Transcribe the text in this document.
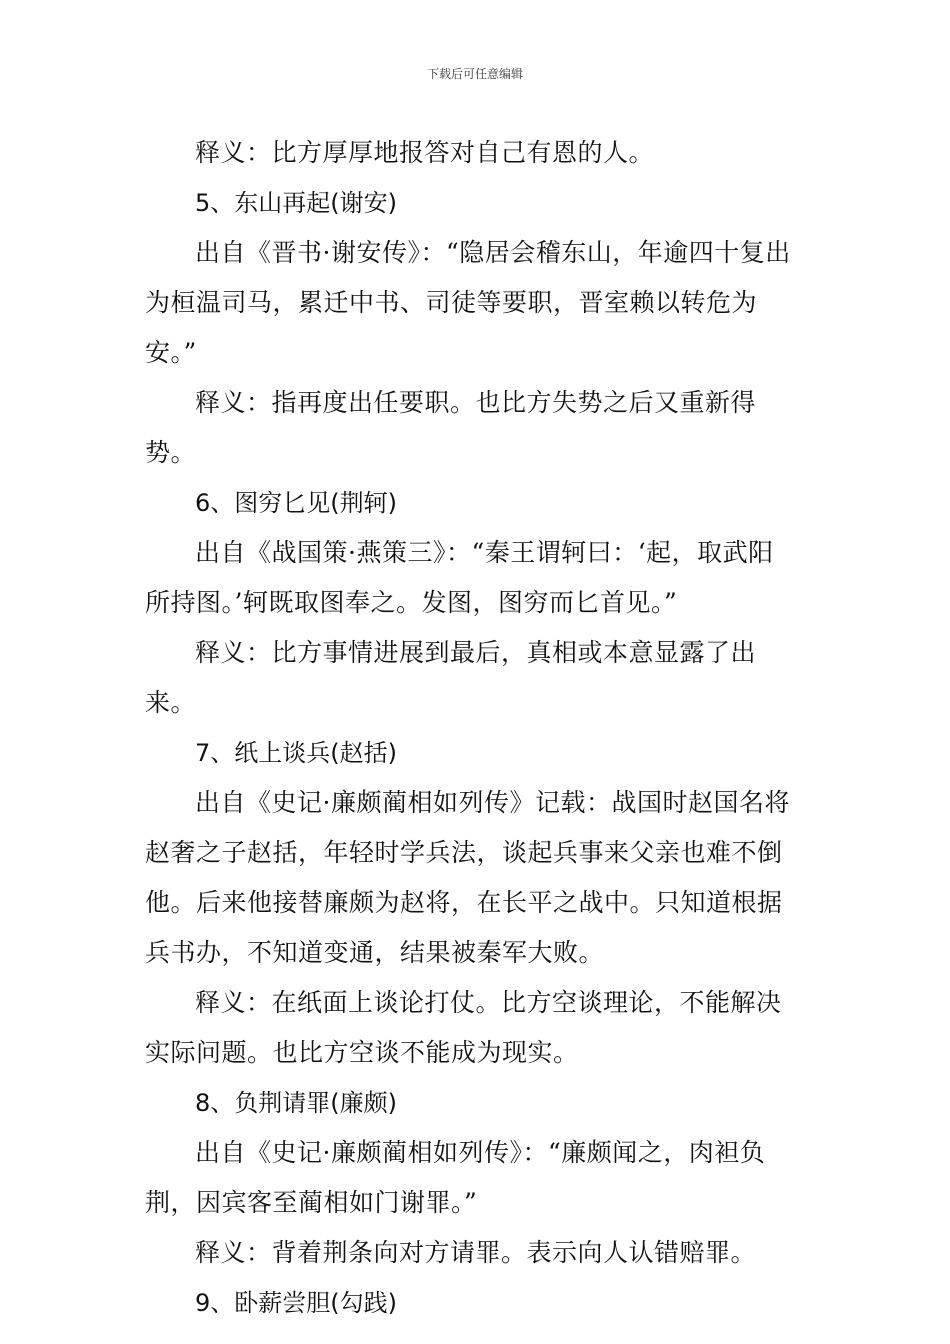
下载后可任意编辑

释义：比方厚厚地报答对自己有恩的人。

5、东山再起(谢安)

出自《晋书·谢安传》：“隐居会稽东山，年逾四十复出为桓温司马，累迁中书、司徒等要职，晋室赖以转危为安。”

释义：指再度出任要职。也比方失势之后又重新得势。

6、图穷匕见(荆轲)

出自《战国策·燕策三》：“秦王谓轲曰：‘起，取武阳所持图。’轲既取图奉之。发图，图穷而匕首见。”

释义：比方事情进展到最后，真相或本意显露了出来。

7、纸上谈兵(赵括)

出自《史记·廉颇蔺相如列传》记载：战国时赵国名将赵奢之子赵括，年轻时学兵法，谈起兵事来父亲也难不倒他。后来他接替廉颇为赵将，在长平之战中。只知道根据兵书办，不知道变通，结果被秦军大败。

释义：在纸面上谈论打仗。比方空谈理论，不能解决实际问题。也比方空谈不能成为现实。

8、负荆请罪(廉颇)

出自《史记·廉颇蔺相如列传》：“廉颇闻之，肉袒负荆，因宾客至蔺相如门谢罪。”

释义：背着荆条向对方请罪。表示向人认错赔罪。

9、卧薪尝胆(勾践)
